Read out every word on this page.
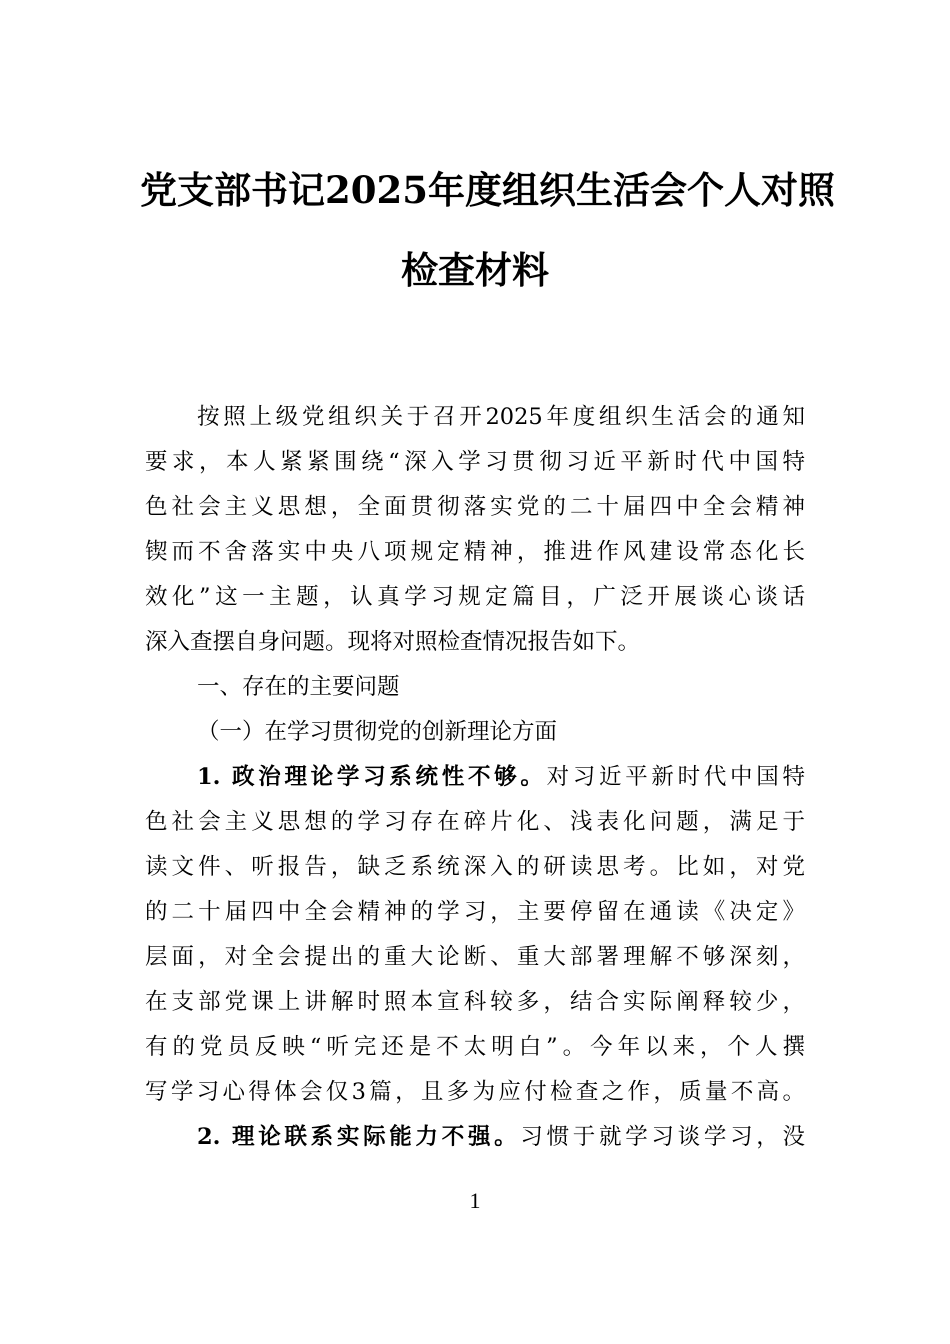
党支部书记2025年度组织生活会个人对照
检查材料
按照上级党组织关于召开2025年度组织生活会的通知
要求，本人紧紧围绕“深入学习贯彻习近平新时代中国特
色社会主义思想，全面贯彻落实党的二十届四中全会精神
锲而不舍落实中央八项规定精神，推进作风建设常态化长
效化”这一主题，认真学习规定篇目，广泛开展谈心谈话
深入查摆自身问题。现将对照检查情况报告如下。
一、存在的主要问题
（一）在学习贯彻党的创新理论方面
1. 政治理论学习系统性不够。对习近平新时代中国特
色社会主义思想的学习存在碎片化、浅表化问题，满足于
读文件、听报告，缺乏系统深入的研读思考。比如，对党
的二十届四中全会精神的学习，主要停留在通读《决定》
层面，对全会提出的重大论断、重大部署理解不够深刻，
在支部党课上讲解时照本宣科较多，结合实际阐释较少，
有的党员反映“听完还是不太明白”。今年以来，个人撰
写学习心得体会仅3篇，且多为应付检查之作，质量不高。
2. 理论联系实际能力不强。习惯于就学习谈学习，没
1
